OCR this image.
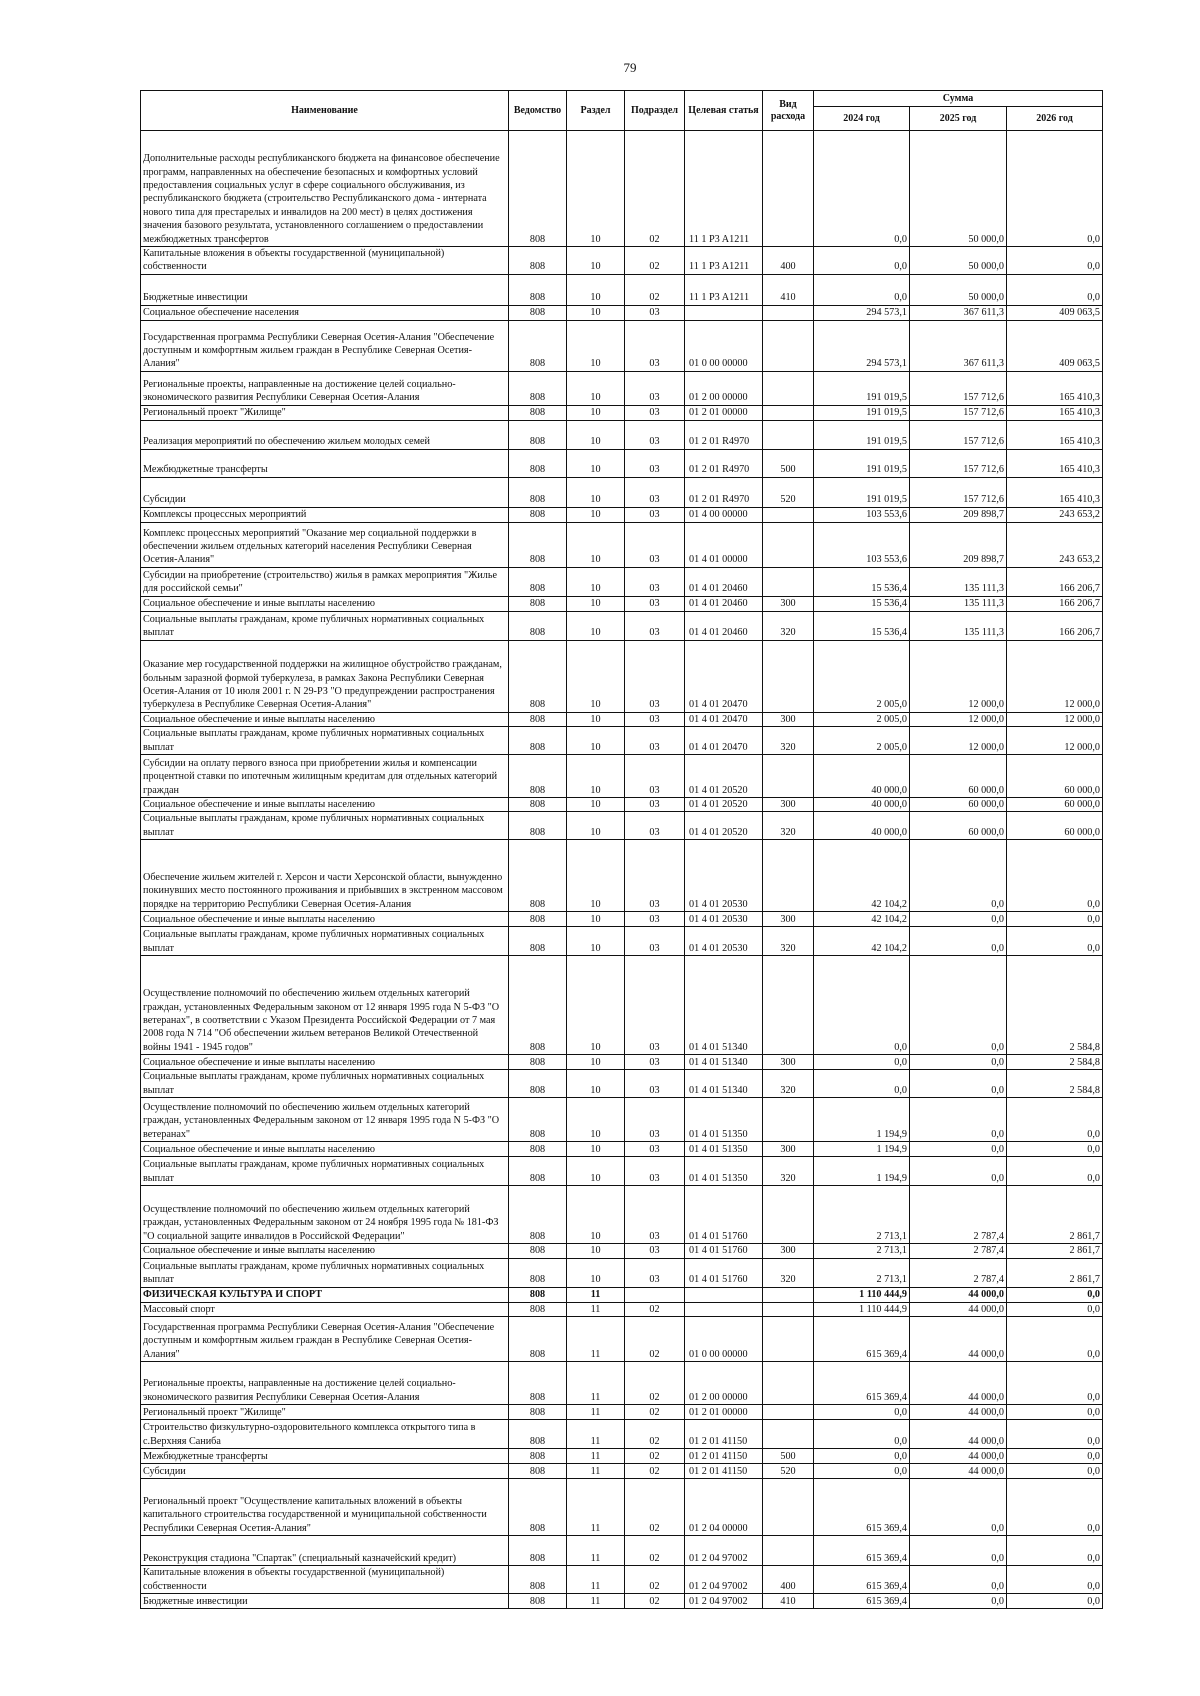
79
Наименование	Ведомство	Раздел	Подраздел	Целевая статья	Вид расхода	Сумма		
						2024 год	2025 год	2026 год
Дополнительные расходы республиканского бюджета на финансовое обеспечение программ, направленных на обеспечение безопасных и комфортных условий предоставления социальных услуг в сфере социального обслуживания, из республиканского бюджета (строительство Республиканского дома - интерната нового типа для престарелых и инвалидов на 200 мест) в целях достижения значения базового результата, установленного соглашением о предоставлении межбюджетных трансфертов	808	10	02	11 1 P3 A1211		0,0	50 000,0	0,0
Капитальные вложения в объекты государственной (муниципальной) собственности	808	10	02	11 1 P3 A1211	400	0,0	50 000,0	0,0
Бюджетные инвестиции	808	10	02	11 1 P3 A1211	410	0,0	50 000,0	0,0
Социальное обеспечение населения	808	10	03			294 573,1	367 611,3	409 063,5
Государственная программа Республики Северная Осетия-Алания "Обеспечение доступным и комфортным жильем граждан в Республике Северная Осетия-Алания"	808	10	03	01 0 00 00000		294 573,1	367 611,3	409 063,5
Региональные проекты, направленные на достижение целей социально-экономического развития Республики Северная Осетия-Алания	808	10	03	01 2 00 00000		191 019,5	157 712,6	165 410,3
Региональный проект "Жилище"	808	10	03	01 2 01 00000		191 019,5	157 712,6	165 410,3
Реализация мероприятий по обеспечению жильем молодых семей	808	10	03	01 2 01 R4970		191 019,5	157 712,6	165 410,3
Межбюджетные трансферты	808	10	03	01 2 01 R4970	500	191 019,5	157 712,6	165 410,3
Субсидии	808	10	03	01 2 01 R4970	520	191 019,5	157 712,6	165 410,3
Комплексы процессных мероприятий	808	10	03	01 4 00 00000		103 553,6	209 898,7	243 653,2
Комплекс процессных мероприятий "Оказание мер социальной поддержки в обеспечении жильем отдельных категорий населения Республики Северная Осетия-Алания"	808	10	03	01 4 01 00000		103 553,6	209 898,7	243 653,2
Субсидии на приобретение (строительство) жилья в рамках мероприятия "Жилье для российской семьи"	808	10	03	01 4 01 20460		15 536,4	135 111,3	166 206,7
Социальное обеспечение и иные выплаты населению	808	10	03	01 4 01 20460	300	15 536,4	135 111,3	166 206,7
Социальные выплаты гражданам, кроме публичных нормативных социальных выплат	808	10	03	01 4 01 20460	320	15 536,4	135 111,3	166 206,7
Оказание мер государственной поддержки на жилищное обустройство гражданам, больным заразной формой туберкулеза, в рамках Закона Республики Северная Осетия-Алания от 10 июля 2001 г. N 29-РЗ "О предупреждении распространения туберкулеза в Республике Северная Осетия-Алания"	808	10	03	01 4 01 20470		2 005,0	12 000,0	12 000,0
Социальное обеспечение и иные выплаты населению	808	10	03	01 4 01 20470	300	2 005,0	12 000,0	12 000,0
Социальные выплаты гражданам, кроме публичных нормативных социальных выплат	808	10	03	01 4 01 20470	320	2 005,0	12 000,0	12 000,0
Субсидии на оплату первого взноса при приобретении жилья и компенсации процентной ставки по ипотечным жилищным кредитам для отдельных категорий граждан	808	10	03	01 4 01 20520		40 000,0	60 000,0	60 000,0
Социальное обеспечение и иные выплаты населению	808	10	03	01 4 01 20520	300	40 000,0	60 000,0	60 000,0
Социальные выплаты гражданам, кроме публичных нормативных социальных выплат	808	10	03	01 4 01 20520	320	40 000,0	60 000,0	60 000,0
Обеспечение жильем жителей г. Херсон и части Херсонской области, вынужденно покинувших место постоянного проживания и прибывших в экстренном массовом порядке на территорию Республики Северная Осетия-Алания	808	10	03	01 4 01 20530		42 104,2	0,0	0,0
Социальное обеспечение и иные выплаты населению	808	10	03	01 4 01 20530	300	42 104,2	0,0	0,0
Социальные выплаты гражданам, кроме публичных нормативных социальных выплат	808	10	03	01 4 01 20530	320	42 104,2	0,0	0,0
Осуществление полномочий по обеспечению жильем отдельных категорий граждан, установленных Федеральным законом от 12 января 1995 года N 5-ФЗ "О ветеранах", в соответствии с Указом Президента Российской Федерации от 7 мая 2008 года N 714 "Об обеспечении жильем ветеранов Великой Отечественной войны 1941 - 1945 годов"	808	10	03	01 4 01 51340		0,0	0,0	2 584,8
Социальное обеспечение и иные выплаты населению	808	10	03	01 4 01 51340	300	0,0	0,0	2 584,8
Социальные выплаты гражданам, кроме публичных нормативных социальных выплат	808	10	03	01 4 01 51340	320	0,0	0,0	2 584,8
Осуществление полномочий по обеспечению жильем отдельных категорий граждан, установленных Федеральным законом от 12 января 1995 года N 5-ФЗ "О ветеранах"	808	10	03	01 4 01 51350		1 194,9	0,0	0,0
Социальное обеспечение и иные выплаты населению	808	10	03	01 4 01 51350	300	1 194,9	0,0	0,0
Социальные выплаты гражданам, кроме публичных нормативных социальных выплат	808	10	03	01 4 01 51350	320	1 194,9	0,0	0,0
Осуществление полномочий по обеспечению жильем отдельных категорий граждан, установленных Федеральным законом от 24 ноября 1995 года № 181-ФЗ "О социальной защите инвалидов в Российской Федерации"	808	10	03	01 4 01 51760		2 713,1	2 787,4	2 861,7
Социальное обеспечение и иные выплаты населению	808	10	03	01 4 01 51760	300	2 713,1	2 787,4	2 861,7
Социальные выплаты гражданам, кроме публичных нормативных социальных выплат	808	10	03	01 4 01 51760	320	2 713,1	2 787,4	2 861,7
ФИЗИЧЕСКАЯ КУЛЬТУРА И СПОРТ	808	11				1 110 444,9	44 000,0	0,0
Массовый спорт	808	11	02			1 110 444,9	44 000,0	0,0
Государственная программа Республики Северная Осетия-Алания "Обеспечение доступным и комфортным жильем граждан в Республике Северная Осетия-Алания"	808	11	02	01 0 00 00000		615 369,4	44 000,0	0,0
Региональные проекты, направленные на достижение целей социально-экономического развития Республики Северная Осетия-Алания	808	11	02	01 2 00 00000		615 369,4	44 000,0	0,0
Региональный проект "Жилище"	808	11	02	01 2 01 00000		0,0	44 000,0	0,0
Строительство физкультурно-оздоровительного комплекса открытого типа в с.Верхняя Саниба	808	11	02	01 2 01 41150		0,0	44 000,0	0,0
Межбюджетные трансферты	808	11	02	01 2 01 41150	500	0,0	44 000,0	0,0
Субсидии	808	11	02	01 2 01 41150	520	0,0	44 000,0	0,0
Региональный проект "Осуществление капитальных вложений в объекты капитального строительства государственной и муниципальной собственности Республики Северная Осетия-Алания"	808	11	02	01 2 04 00000		615 369,4	0,0	0,0
Реконструкция стадиона "Спартак" (специальный казначейский кредит)	808	11	02	01 2 04 97002		615 369,4	0,0	0,0
Капитальные вложения в объекты государственной (муниципальной) собственности	808	11	02	01 2 04 97002	400	615 369,4	0,0	0,0
Бюджетные инвестиции	808	11	02	01 2 04 97002	410	615 369,4	0,0	0,0
